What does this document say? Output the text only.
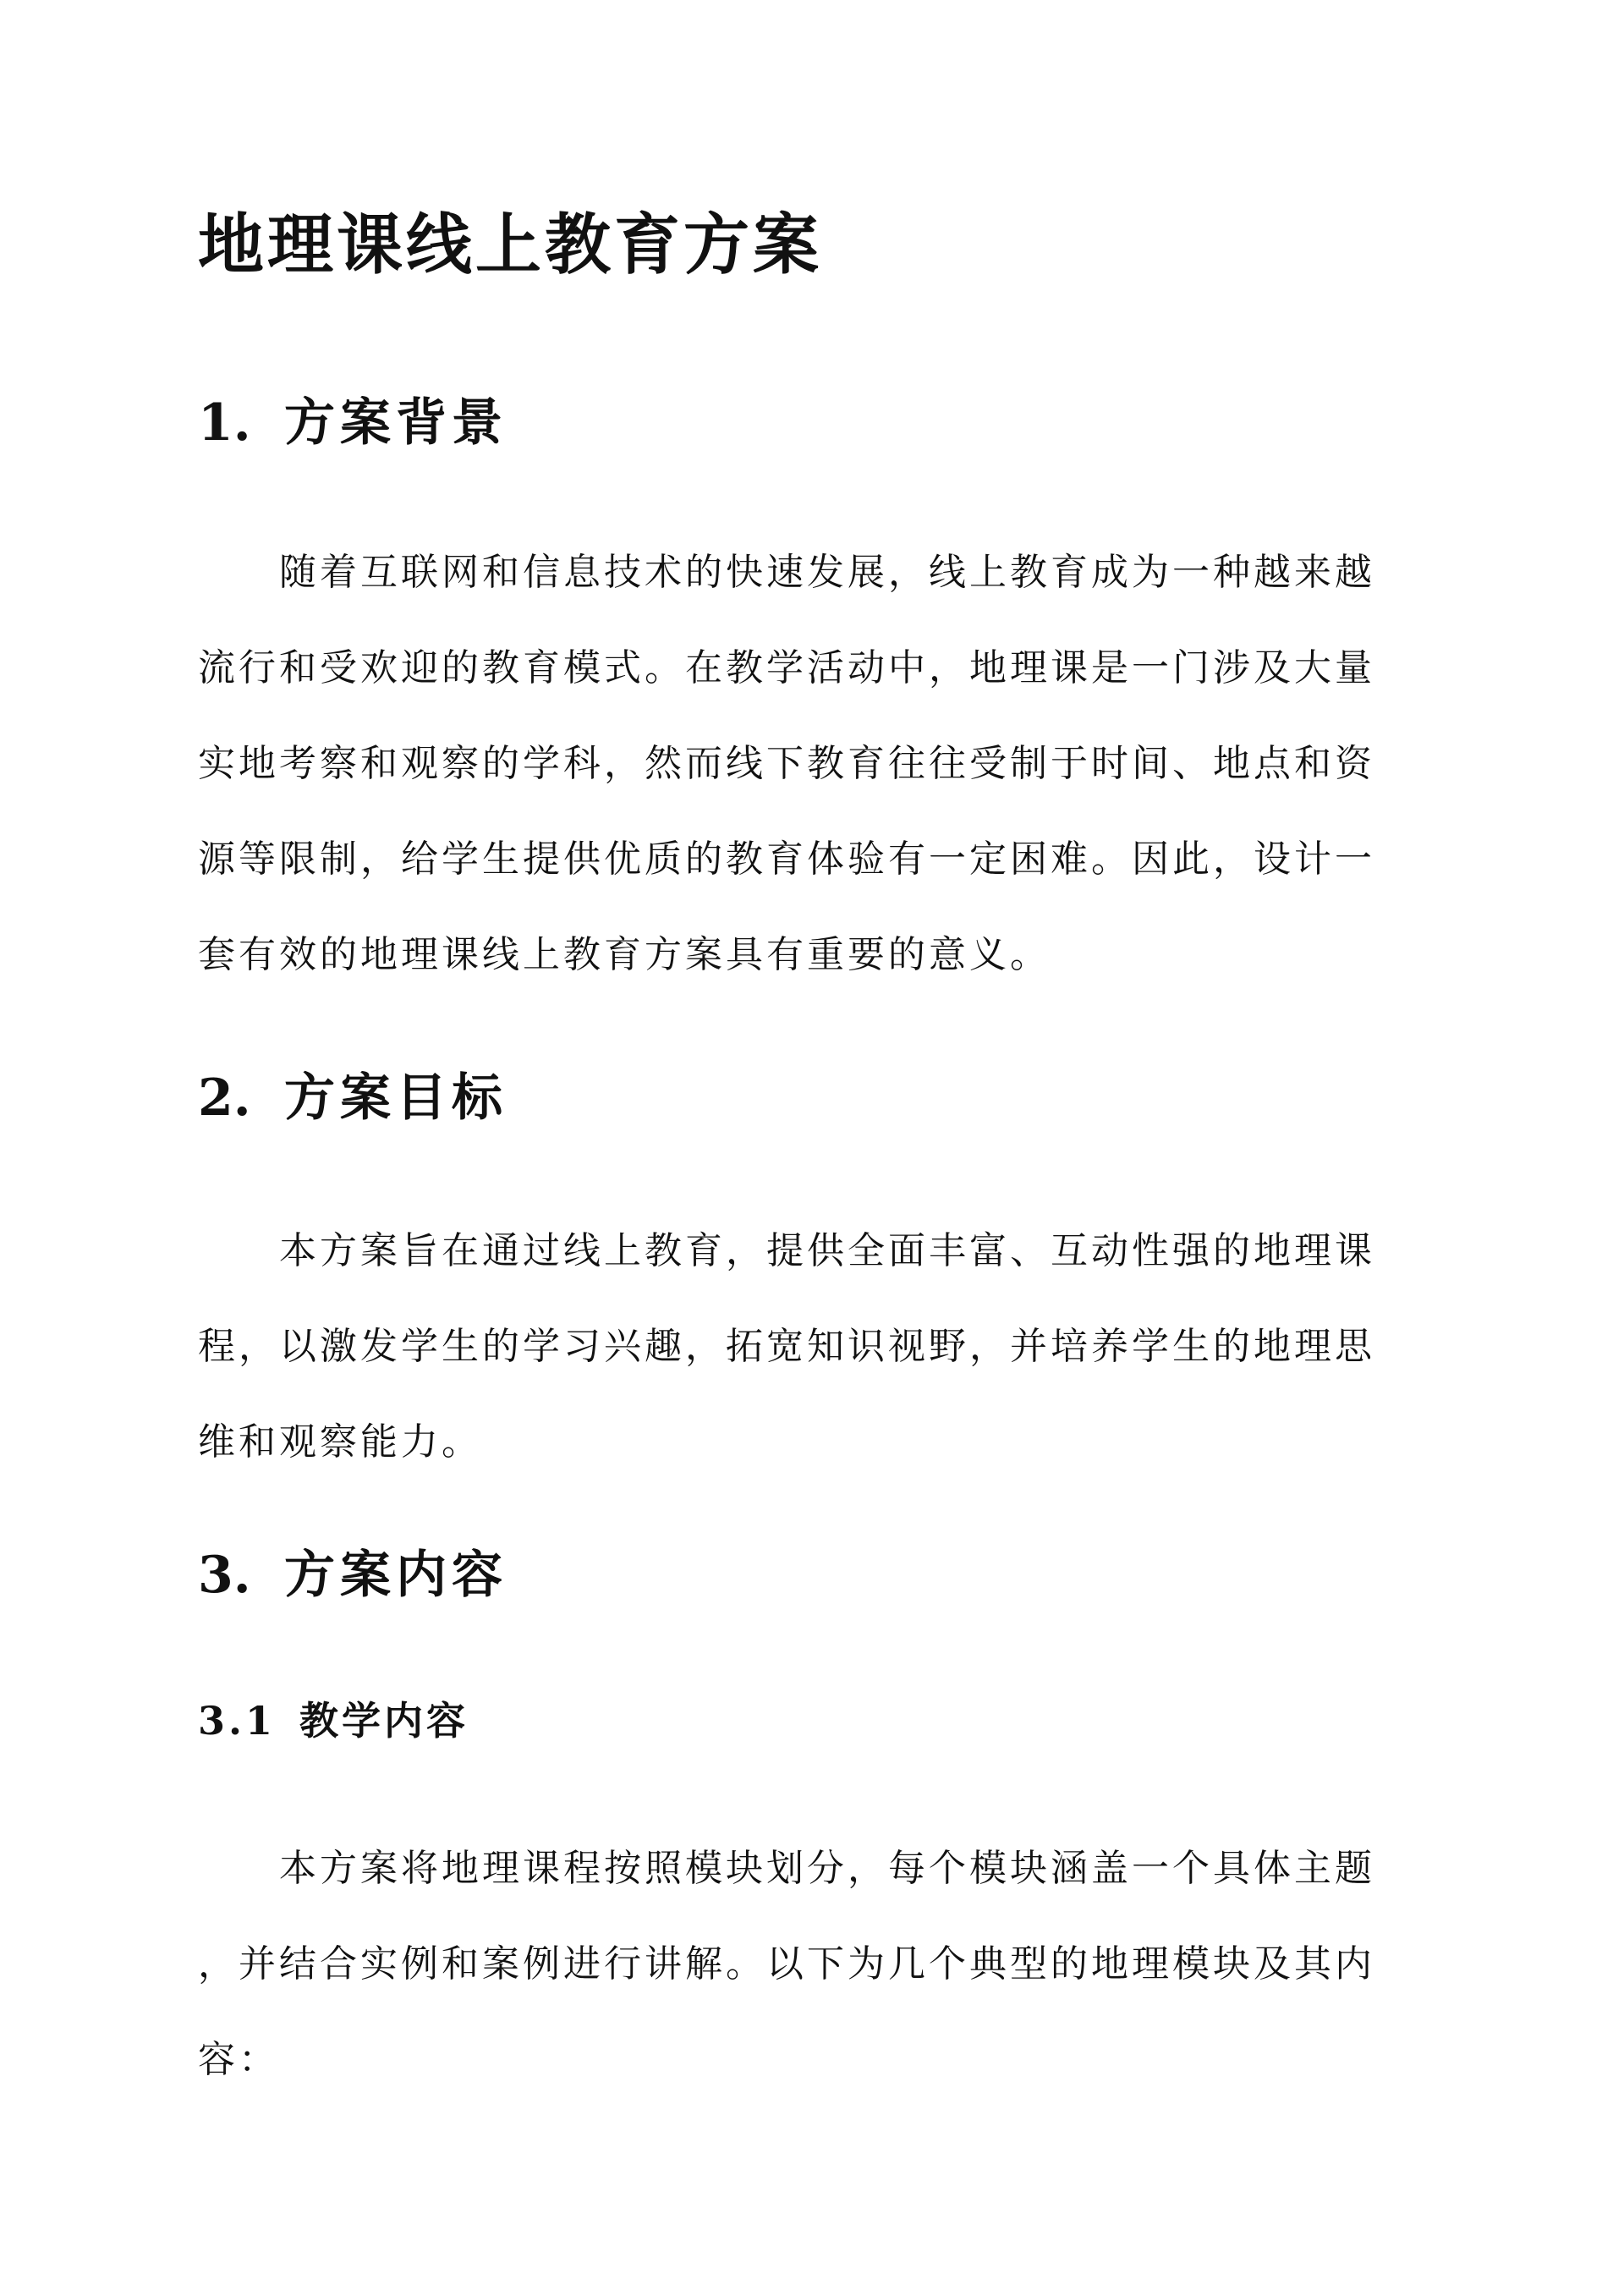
地理课线上教育方案
1. 方案背景

随着互联网和信息技术的快速发展，线上教育成为一种越来越
流行和受欢迎的教育模式。在教学活动中，地理课是一门涉及大量
实地考察和观察的学科，然而线下教育往往受制于时间、地点和资
源等限制，给学生提供优质的教育体验有一定困难。因此，设计一
套有效的地理课线上教育方案具有重要的意义。

2. 方案目标

本方案旨在通过线上教育，提供全面丰富、互动性强的地理课
程，以激发学生的学习兴趣，拓宽知识视野，并培养学生的地理思
维和观察能力。

3. 方案内容
3.1 教学内容

本方案将地理课程按照模块划分，每个模块涵盖一个具体主题
，并结合实例和案例进行讲解。以下为几个典型的地理模块及其内
容：
